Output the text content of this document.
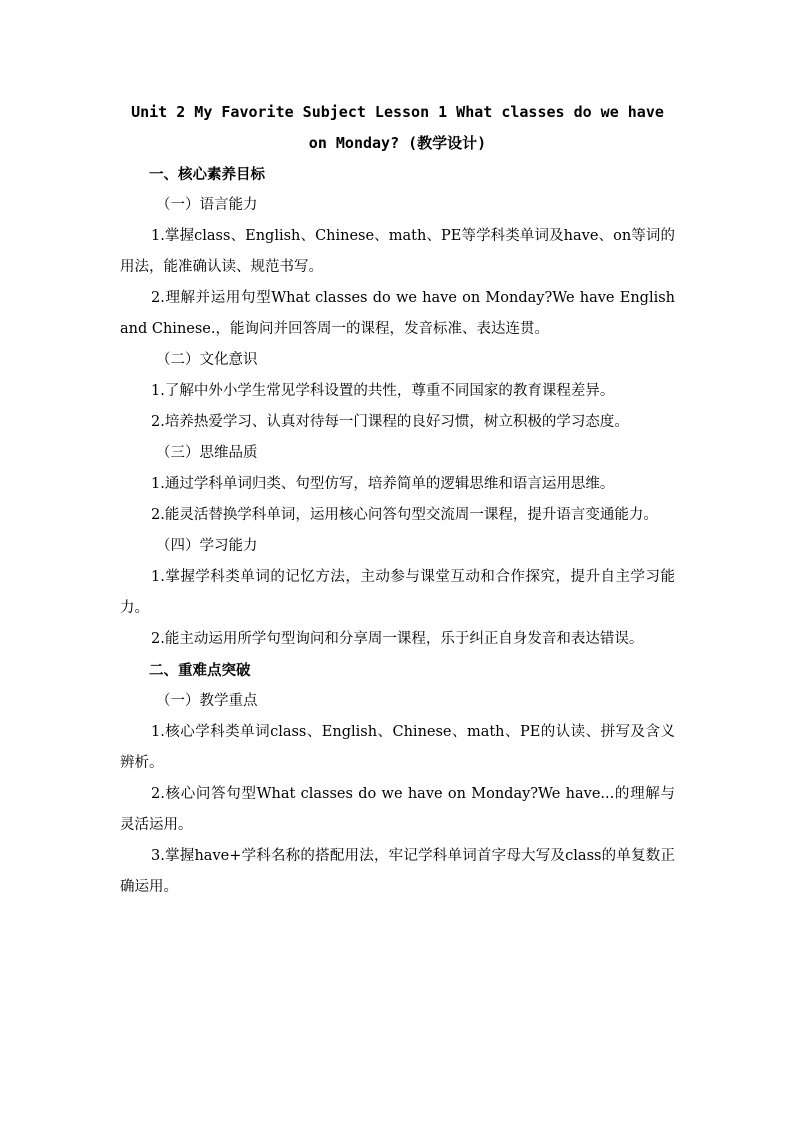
Unit 2 My Favorite Subject Lesson 1 What classes do we have on Monday? (教学设计)

一、核心素养目标

（一）语言能力

1.掌握class、English、Chinese、math、PE等学科类单词及have、on等词的用法，能准确认读、规范书写。

2.理解并运用句型What classes do we have on Monday?We have English and Chinese.，能询问并回答周一的课程，发音标准、表达连贯。

（二）文化意识

1.了解中外小学生常见学科设置的共性，尊重不同国家的教育课程差异。

2.培养热爱学习、认真对待每一门课程的良好习惯，树立积极的学习态度。

（三）思维品质

1.通过学科单词归类、句型仿写，培养简单的逻辑思维和语言运用思维。

2.能灵活替换学科单词，运用核心问答句型交流周一课程，提升语言变通能力。

（四）学习能力

1.掌握学科类单词的记忆方法，主动参与课堂互动和合作探究，提升自主学习能力。

2.能主动运用所学句型询问和分享周一课程，乐于纠正自身发音和表达错误。

二、重难点突破

（一）教学重点

1.核心学科类单词class、English、Chinese、math、PE的认读、拼写及含义辨析。

2.核心问答句型What classes do we have on Monday?We have...的理解与灵活运用。

3.掌握have+学科名称的搭配用法，牢记学科单词首字母大写及class的单复数正确运用。
